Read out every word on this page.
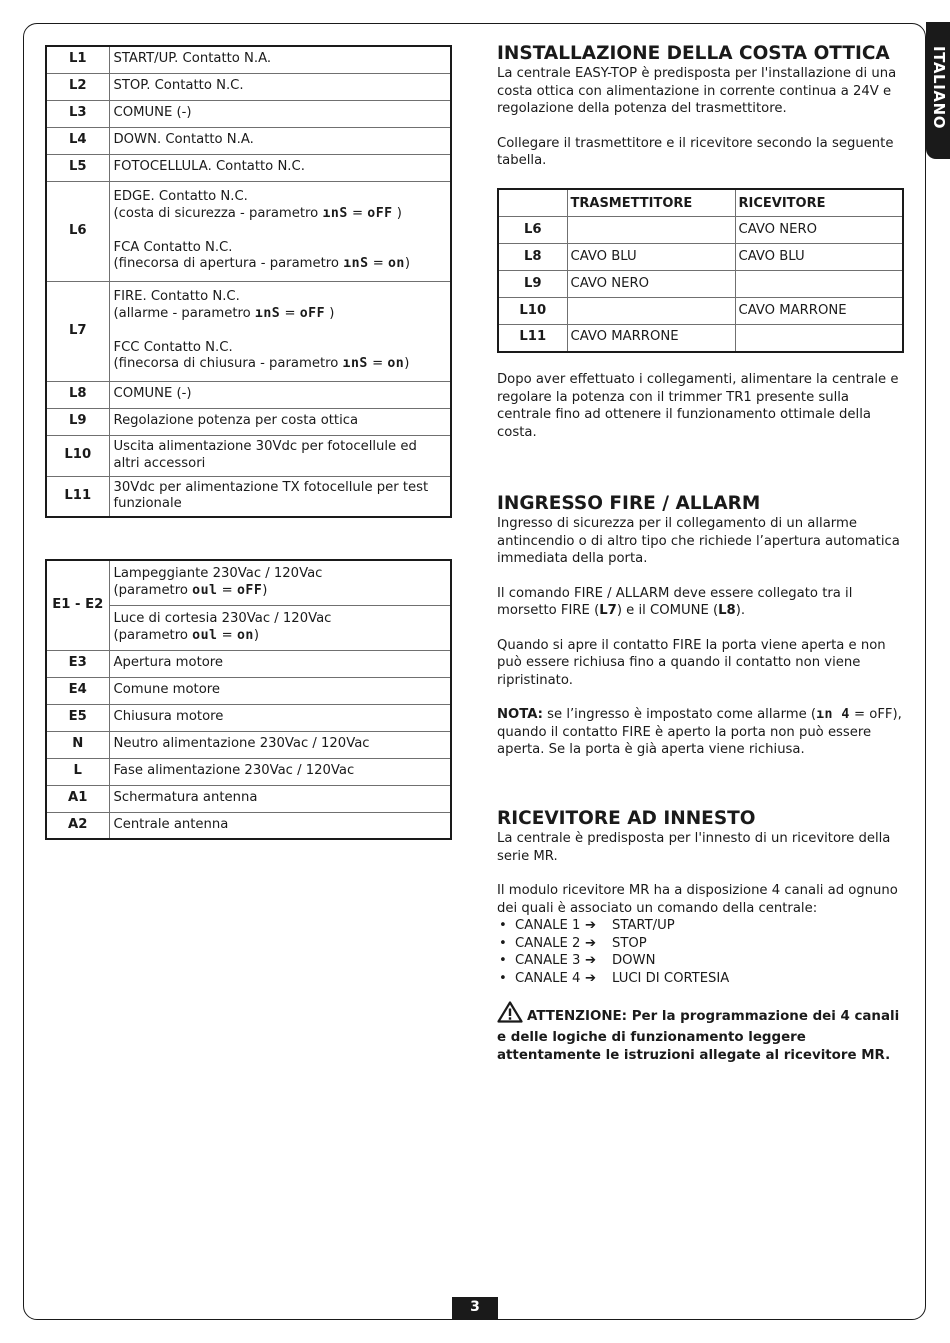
ITALIANO
L1	START/UP. Contatto N.A.
L2	STOP. Contatto N.C.
L3	COMUNE (-)
L4	DOWN. Contatto N.A.
L5	FOTOCELLULA. Contatto N.C.
L6	EDGE. Contatto N.C.
(costa di sicurezza - parametro ınS = oFF )
FCA Contatto N.C.
(finecorsa di apertura - parametro ınS = on)

L7	FIRE. Contatto N.C.
(allarme - parametro ınS = oFF )
FCC Contatto N.C.
(finecorsa di chiusura - parametro ınS = on)

L8	COMUNE (-)
L9	Regolazione potenza per costa ottica
L10	Uscita alimentazione 30Vdc per fotocellule ed altri accessori
L11	30Vdc per alimentazione TX fotocellule per test funzionale
E1 - E2	Lampeggiante 230Vac / 120Vac
(parametro oul = oFF)

	Luce di cortesia 230Vac / 120Vac
(parametro oul = on)

E3	Apertura motore
E4	Comune motore
E5	Chiusura motore
N	Neutro alimentazione 230Vac / 120Vac
L	Fase alimentazione 230Vac / 120Vac
A1	Schermatura antenna
A2	Centrale antenna
INSTALLAZIONE DELLA COSTA OTTICA

La centrale EASY-TOP è predisposta per l'installazione di una costa ottica con alimentazione in corrente continua a 24V e regolazione della potenza del trasmettitore.

Collegare il trasmettitore e il ricevitore secondo la seguente tabella.

	TRASMETTITORE	RICEVITORE
L6		CAVO NERO
L8	CAVO BLU	CAVO BLU
L9	CAVO NERO	
L10		CAVO MARRONE
L11	CAVO MARRONE	

Dopo aver effettuato i collegamenti, alimentare la centrale e regolare la potenza con il trimmer TR1 presente sulla centrale fino ad ottenere il funzionamento ottimale della costa.

INGRESSO FIRE / ALLARM

Ingresso di sicurezza per il collegamento di un allarme antincendio o di altro tipo che richiede l’apertura automatica immediata della porta.

Il comando FIRE / ALLARM deve essere collegato tra il morsetto FIRE (L7) e il COMUNE (L8).

Quando si apre il contatto FIRE la porta viene aperta e non può essere richiusa fino a quando il contatto non viene ripristinato.

NOTA: se l’ingresso è impostato come allarme (ın 4 = oFF), quando il contatto FIRE è aperto la porta non può essere aperta. Se la porta è già aperta viene richiusa.

RICEVITORE AD INNESTO

La centrale è predisposta per l'innesto di un ricevitore della serie MR.

Il modulo ricevitore MR ha a disposizione 4 canali ad ognuno dei quali è associato un comando della centrale:

• CANALE 1 ➔ START/UP
• CANALE 2 ➔ STOP
• CANALE 3 ➔ DOWN
• CANALE 4 ➔ LUCI DI CORTESIA
ATTENZIONE: Per la programmazione dei 4 canali e delle logiche di funzionamento leggere attentamente le istruzioni allegate al ricevitore MR.
3
